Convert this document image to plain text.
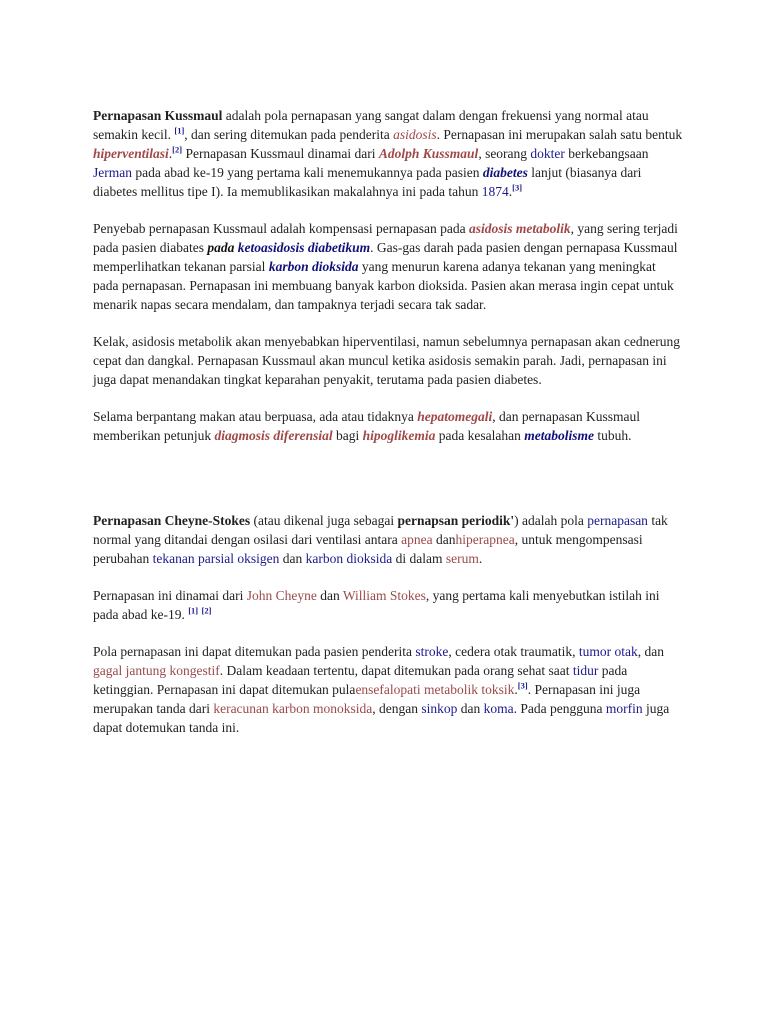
Pernapasan Kussmaul adalah pola pernapasan yang sangat dalam dengan frekuensi yang normal atau semakin kecil. [1], dan sering ditemukan pada penderita asidosis. Pernapasan ini merupakan salah satu bentuk hiperventilasi.[2] Pernapasan Kussmaul dinamai dari Adolph Kussmaul, seorang dokter berkebangsaan Jerman pada abad ke-19 yang pertama kali menemukannya pada pasien diabetes lanjut (biasanya dari diabetes mellitus tipe I). Ia memublikasikan makalahnya ini pada tahun 1874.[3]

Penyebab pernapasan Kussmaul adalah kompensasi pernapasan pada asidosis metabolik, yang sering terjadi pada pasien diabates pada ketoasidosis diabetikum. Gas-gas darah pada pasien dengan pernapasa Kussmaul memperlihatkan tekanan parsial karbon dioksida yang menurun karena adanya tekanan yang meningkat pada pernapasan. Pernapasan ini membuang banyak karbon dioksida. Pasien akan merasa ingin cepat untuk menarik napas secara mendalam, dan tampaknya terjadi secara tak sadar.

Kelak, asidosis metabolik akan menyebabkan hiperventilasi, namun sebelumnya pernapasan akan cednerung cepat dan dangkal. Pernapasan Kussmaul akan muncul ketika asidosis semakin parah. Jadi, pernapasan ini juga dapat menandakan tingkat keparahan penyakit, terutama pada pasien diabetes.

Selama berpantang makan atau berpuasa, ada atau tidaknya hepatomegali, dan pernapasan Kussmaul memberikan petunjuk diagmosis diferensial bagi hipoglikemia pada kesalahan metabolisme tubuh.

Pernapasan Cheyne-Stokes (atau dikenal juga sebagai pernapsan periodik') adalah pola pernapasan tak normal yang ditandai dengan osilasi dari ventilasi antara apnea danhiperapnea, untuk mengompensasi perubahan tekanan parsial oksigen dan karbon dioksida di dalam serum.

Pernapasan ini dinamai dari John Cheyne dan William Stokes, yang pertama kali menyebutkan istilah ini pada abad ke-19. [1] [2]

Pola pernapasan ini dapat ditemukan pada pasien penderita stroke, cedera otak traumatik, tumor otak, dan gagal jantung kongestif. Dalam keadaan tertentu, dapat ditemukan pada orang sehat saat tidur pada ketinggian. Pernapasan ini dapat ditemukan pulaensefalopati metabolik toksik.[3]. Pernapasan ini juga merupakan tanda dari keracunan karbon monoksida, dengan sinkop dan koma. Pada pengguna morfin juga dapat dotemukan tanda ini.
